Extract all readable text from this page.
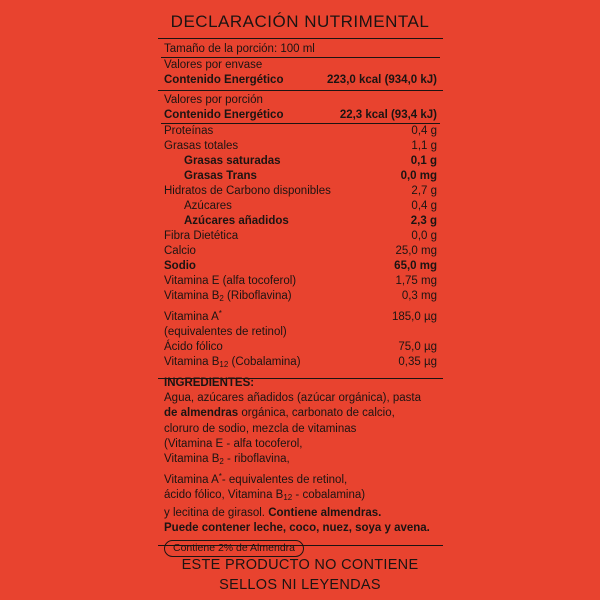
DECLARACIÓN NUTRIMENTAL
Tamaño de la porción: 100 ml
Valores por envase
Contenido Energético	223,0 kcal (934,0 kJ)
Valores por porción
Contenido Energético	22,3 kcal (93,4 kJ)
Proteínas	0,4 g
Grasas totales	1,1 g
Grasas saturadas	0,1 g
Grasas Trans	0,0 mg
Hidratos de Carbono disponibles	2,7 g
Azúcares	0,4 g
Azúcares añadidos	2,3 g
Fibra Dietética	0,0 g
Calcio	25,0 mg
Sodio	65,0 mg
Vitamina E (alfa tocoferol)	1,75 mg
Vitamina $B_2$ (Riboflavina)	0,3 mg
Vitamina A*	185,0 µg
(equivalentes de retinol)
Ácido fólico	75,0 µg
Vitamina $B_{12}$ (Cobalamina)	0,35 µg

INGREDIENTES:

Agua, azúcares añadidos (azúcar orgánica), pasta

de almendras orgánica, carbonato de calcio,

cloruro de sodio, mezcla de vitaminas

(Vitamina E - alfa tocoferol,

Vitamina $B_2$ - riboflavina,

Vitamina A*- equivalentes de retinol,

ácido fólico, Vitamina $B_{12}$ - cobalamina)

y lecitina de girasol. Contiene almendras.

Puede contener leche, coco, nuez, soya y avena.

Contiene 2% de Almendra
ESTE PRODUCTO NO CONTIENE
SELLOS NI LEYENDAS
